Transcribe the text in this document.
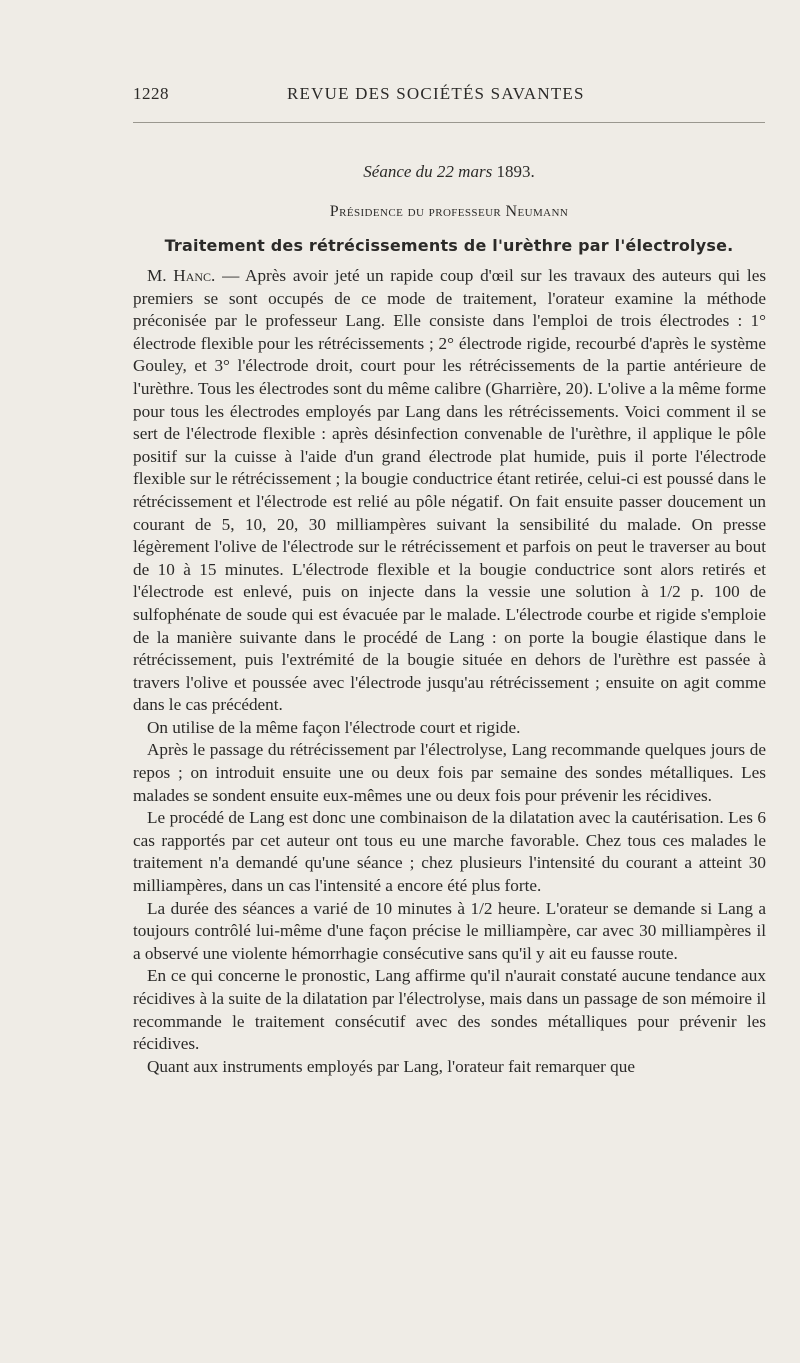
1228	REVUE DES SOCIÉTÉS SAVANTES
Séance du 22 mars 1893.
Présidence du professeur Neumann
Traitement des rétrécissements de l'urèthre par l'électrolyse.

M. Hanc. — Après avoir jeté un rapide coup d'œil sur les travaux des auteurs qui les premiers se sont occupés de ce mode de traitement, l'orateur examine la méthode préconisée par le professeur Lang. Elle consiste dans l'emploi de trois électrodes : 1° électrode flexible pour les rétrécissements ; 2° électrode rigide, recourbé d'après le système Gouley, et 3° l'électrode droit, court pour les rétrécissements de la partie antérieure de l'urèthre. Tous les électrodes sont du même calibre (Gharrière, 20). L'olive a la même forme pour tous les électrodes employés par Lang dans les rétrécissements. Voici comment il se sert de l'électrode flexible : après désinfection convenable de l'urèthre, il applique le pôle positif sur la cuisse à l'aide d'un grand électrode plat humide, puis il porte l'électrode flexible sur le rétrécissement ; la bougie conductrice étant retirée, celui-ci est poussé dans le rétrécissement et l'électrode est relié au pôle négatif. On fait ensuite passer doucement un courant de 5, 10, 20, 30 milliampères suivant la sensibilité du malade. On presse légèrement l'olive de l'électrode sur le rétrécissement et parfois on peut le traverser au bout de 10 à 15 minutes. L'électrode flexible et la bougie conductrice sont alors retirés et l'électrode est enlevé, puis on injecte dans la vessie une solution à 1/2 p. 100 de sulfophénate de soude qui est évacuée par le malade. L'électrode courbe et rigide s'emploie de la manière suivante dans le procédé de Lang : on porte la bougie élastique dans le rétrécissement, puis l'extrémité de la bougie située en dehors de l'urèthre est passée à travers l'olive et poussée avec l'électrode jusqu'au rétrécissement ; ensuite on agit comme dans le cas précédent.

On utilise de la même façon l'électrode court et rigide.

Après le passage du rétrécissement par l'électrolyse, Lang recommande quelques jours de repos ; on introduit ensuite une ou deux fois par semaine des sondes métalliques. Les malades se sondent ensuite eux-mêmes une ou deux fois pour prévenir les récidives.

Le procédé de Lang est donc une combinaison de la dilatation avec la cautérisation. Les 6 cas rapportés par cet auteur ont tous eu une marche favorable. Chez tous ces malades le traitement n'a demandé qu'une séance ; chez plusieurs l'intensité du courant a atteint 30 milliampères, dans un cas l'intensité a encore été plus forte.

La durée des séances a varié de 10 minutes à 1/2 heure. L'orateur se demande si Lang a toujours contrôlé lui-même d'une façon précise le milliampère, car avec 30 milliampères il a observé une violente hémorrhagie consécutive sans qu'il y ait eu fausse route.

En ce qui concerne le pronostic, Lang affirme qu'il n'aurait constaté aucune tendance aux récidives à la suite de la dilatation par l'électrolyse, mais dans un passage de son mémoire il recommande le traitement consécutif avec des sondes métalliques pour prévenir les récidives.

Quant aux instruments employés par Lang, l'orateur fait remarquer que
